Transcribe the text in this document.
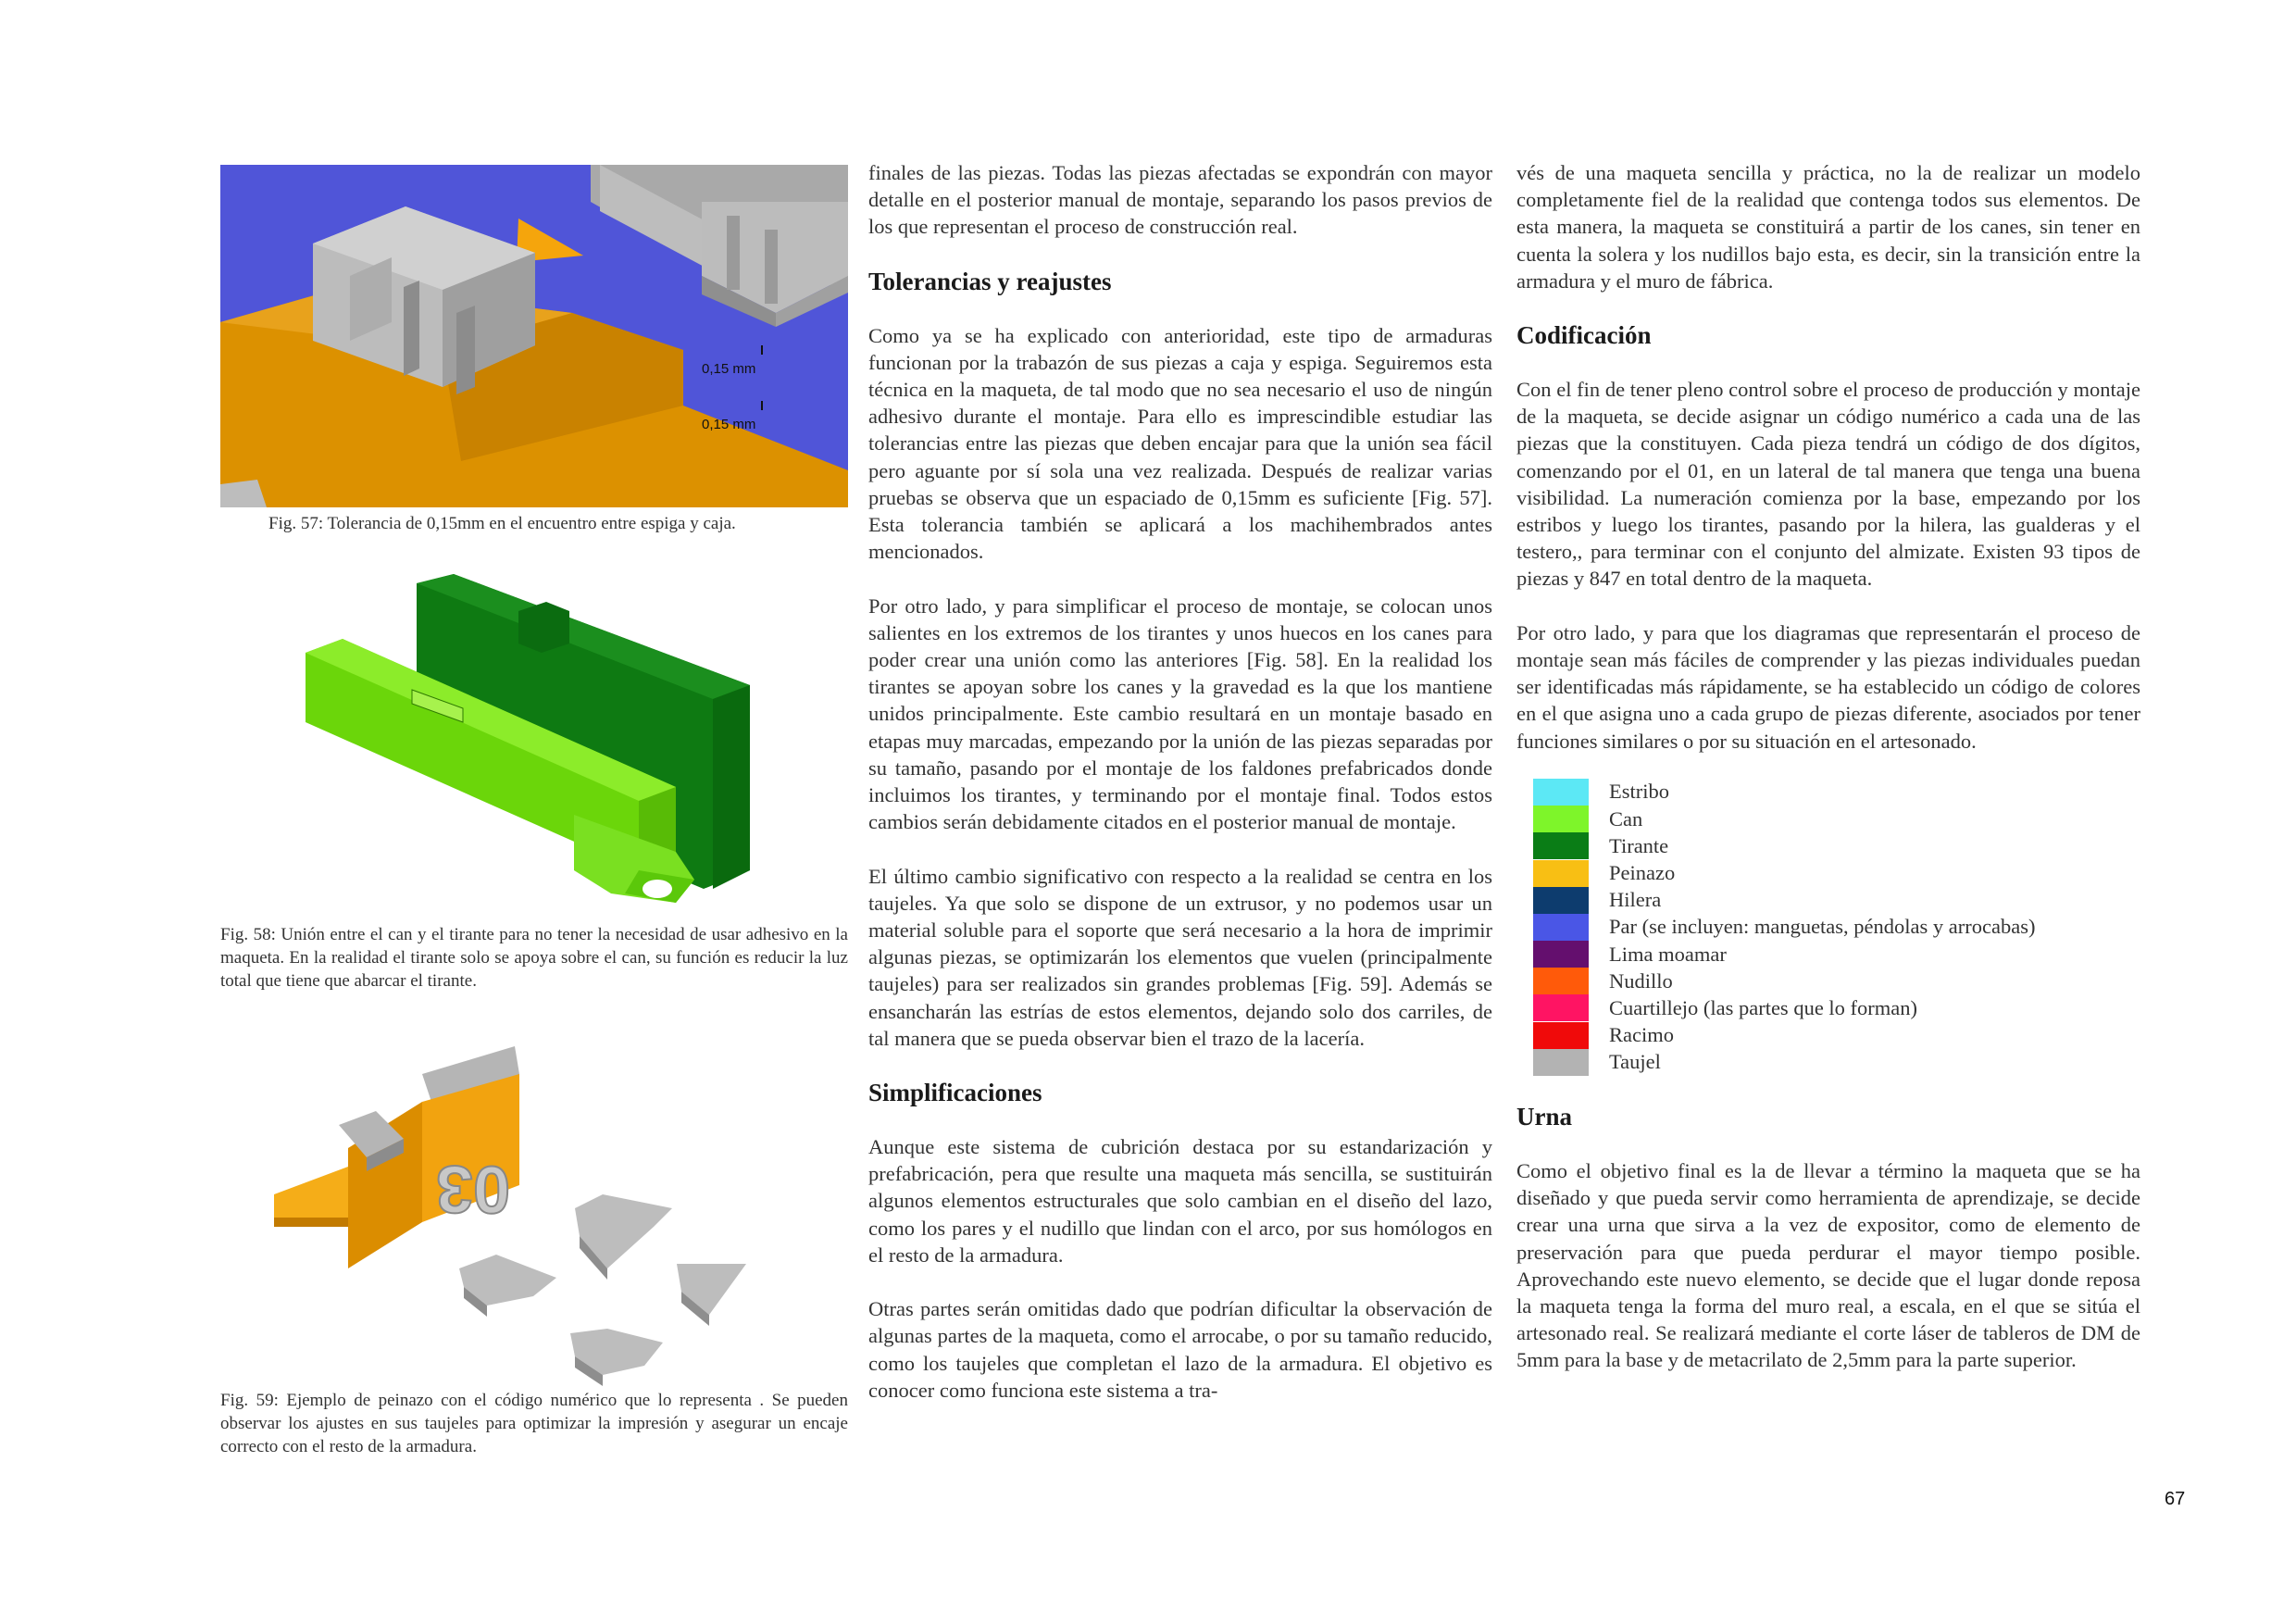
0,15 mm
0,15 mm

Fig. 57: Tolerancia de 0,15mm en el encuentro entre espiga y caja.

Fig. 58: Unión entre el can y el tirante para no tener la necesidad de usar adhesivo en la maqueta. En la realidad el tirante solo se apoya sobre el can, su función es reducir la luz total que tiene que abarcar el tirante.

03

Fig. 59: Ejemplo de peinazo con el código numérico que lo representa . Se pueden observar los ajustes en sus taujeles para optimizar la impresión y asegurar un encaje correcto con el resto de la armadura.

finales de las piezas. Todas las piezas afectadas se expondrán con mayor detalle en el posterior manual de montaje, separando los pasos previos de los que representan el proceso de construcción real.

Tolerancias y reajustes

Como ya se ha explicado con anterioridad, este tipo de armaduras funcionan por la trabazón de sus piezas a caja y espiga. Seguiremos esta técnica en la maqueta, de tal modo que no sea necesario el uso de ningún adhesivo durante el montaje. Para ello es imprescindible estudiar las tolerancias entre las piezas que deben encajar para que la unión sea fácil pero aguante por sí sola una vez realizada. Después de realizar varias pruebas se observa que un espaciado de 0,15mm es suficiente [Fig. 57]. Esta tolerancia también se aplicará a los machihembrados antes mencionados.

Por otro lado, y para simplificar el proceso de montaje, se colocan unos salientes en los extremos de los tirantes y unos huecos en los canes para poder crear una unión como las anteriores [Fig. 58]. En la realidad los tirantes se apoyan sobre los canes y la gravedad es la que los mantiene unidos principalmente. Este cambio resultará en un montaje basado en etapas muy marcadas, empezando por la unión de las piezas separadas por su tamaño, pasando por el montaje de los faldones prefabricados donde incluimos los tirantes, y terminando por el montaje final. Todos estos cambios serán debidamente citados en el posterior manual de montaje.

El último cambio significativo con respecto a la realidad se centra en los taujeles. Ya que solo se dispone de un extrusor, y no podemos usar un material soluble para el soporte que será necesario a la hora de imprimir algunas piezas, se optimizarán los elementos que vuelen (principalmente taujeles) para ser realizados sin grandes problemas [Fig. 59]. Además se ensancharán las estrías de estos elementos, dejando solo dos carriles, de tal manera que se pueda observar bien el trazo de la lacería.

Simplificaciones

Aunque este sistema de cubrición destaca por su estandarización y prefabricación, pera que resulte una maqueta más sencilla, se sustituirán algunos elementos estructurales que solo cambian en el diseño del lazo, como los pares y el nudillo que lindan con el arco, por sus homólogos en el resto de la armadura.

Otras partes serán omitidas dado que podrían dificultar la observación de algunas partes de la maqueta, como el arrocabe, o por su tamaño reducido, como los taujeles que completan el lazo de la armadura. El objetivo es conocer como funciona este sistema a tra-

vés de una maqueta sencilla y práctica, no la de realizar un modelo completamente fiel de la realidad que contenga todos sus elementos. De esta manera, la maqueta se constituirá a partir de los canes, sin tener en cuenta la solera y los nudillos bajo esta, es decir, sin la transición entre la armadura y el muro de fábrica.

Codificación

Con el fin de tener pleno control sobre el proceso de producción y montaje de la maqueta, se decide asignar un código numérico a cada una de las piezas que la constituyen. Cada pieza tendrá un código de dos dígitos, comenzando por el 01, en un lateral de tal manera que tenga una buena visibilidad. La numeración comienza por la base, empezando por los estribos y luego los tirantes, pasando por la hilera, las gualderas y el testero,, para terminar con el conjunto del almizate. Existen 93 tipos de piezas y 847 en total dentro de la maqueta.

Por otro lado, y para que los diagramas que representarán el proceso de montaje sean más fáciles de comprender y las piezas individuales puedan ser identificadas más rápidamente, se ha establecido un código de colores en el que asigna uno a cada grupo de piezas diferente, asociados por tener funciones similares o por su situación en el artesonado.

Estribo
Can
Tirante
Peinazo
Hilera
Par (se incluyen: manguetas, péndolas y arrocabas)
Lima moamar
Nudillo
Cuartillejo (las partes que lo forman)
Racimo
Taujel
Urna

Como el objetivo final es la de llevar a término la maqueta que se ha diseñado y que pueda servir como herramienta de aprendizaje, se decide crear una urna que sirva a la vez de expositor, como de elemento de preservación para que pueda perdurar el mayor tiempo posible. Aprovechando este nuevo elemento, se decide que el lugar donde reposa la maqueta tenga la forma del muro real, a escala, en el que se sitúa el artesonado real. Se realizará mediante el corte láser de tableros de DM de 5mm para la base y de metacrilato de 2,5mm para la parte superior.

67
